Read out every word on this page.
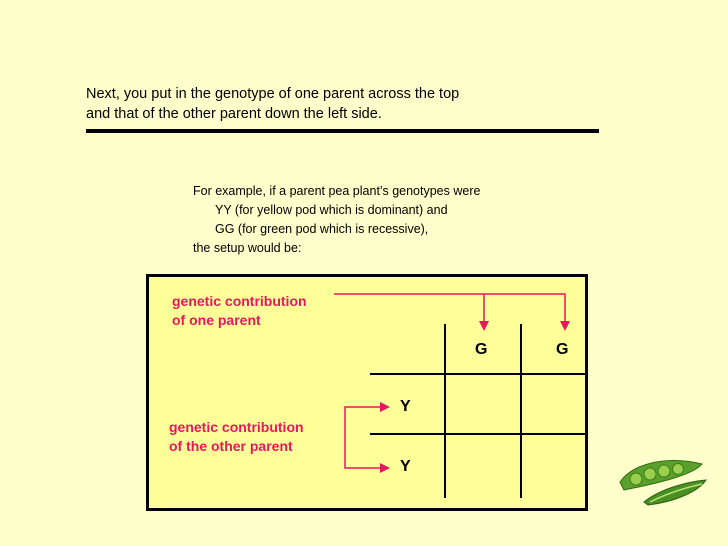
Next, you put in the genotype of one parent across the top
and that of the other parent down the left side.
For example, if a parent pea plant’s genotypes were
YY (for yellow pod which is dominant) and
GG (for green pod which is recessive),
the setup would be:
genetic contribution
of one parent
genetic contribution
of the other parent
G	G
Y
Y
